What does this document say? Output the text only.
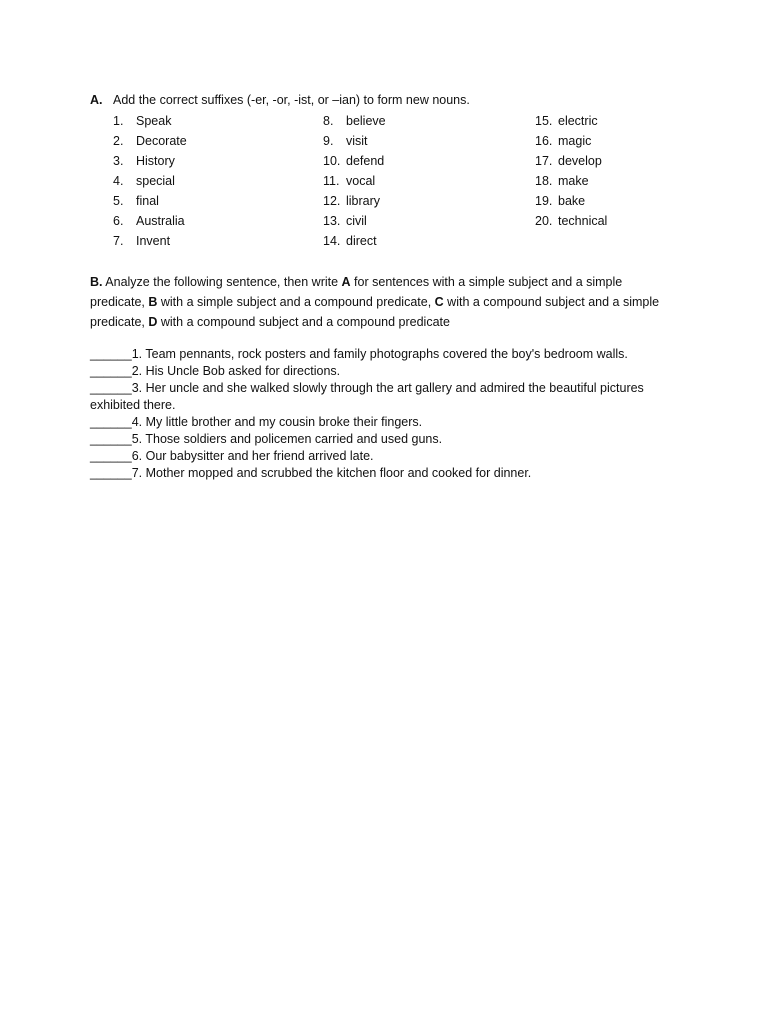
A. Add the correct suffixes (-er, -or, -ist, or –ian) to form new nouns.
1. Speak
2. Decorate
3. History
4. special
5. final
6. Australia
7. Invent
8. believe
9. visit
10. defend
11. vocal
12. library
13. civil
14. direct
15. electric
16. magic
17. develop
18. make
19. bake
20. technical
B. Analyze the following sentence, then write A for sentences with a simple subject and a simple
predicate, B with a simple subject and a compound predicate, C with a compound subject and a simple
predicate, D with a compound subject and a compound predicate
______1. Team pennants, rock posters and family photographs covered the boy's bedroom walls.
______2. His Uncle Bob asked for directions.
______3. Her uncle and she walked slowly through the art gallery and admired the beautiful pictures
exhibited there.
______4. My little brother and my cousin broke their fingers.
______5. Those soldiers and policemen carried and used guns.
______6. Our babysitter and her friend arrived late.
______7. Mother mopped and scrubbed the kitchen floor and cooked for dinner.
